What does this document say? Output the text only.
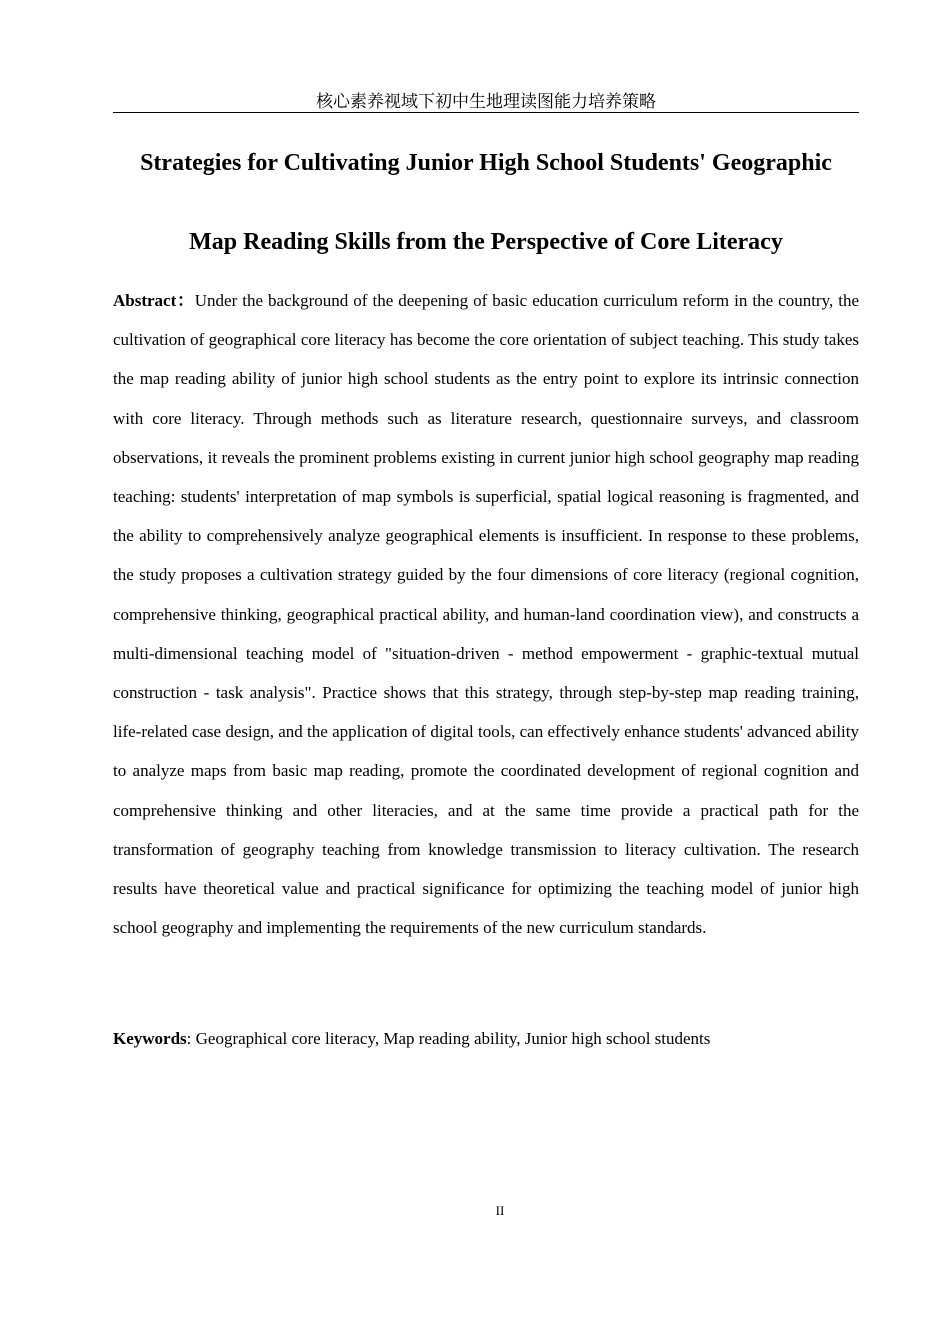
核心素养视域下初中生地理读图能力培养策略
Strategies for Cultivating Junior High School Students' Geographic
Map Reading Skills from the Perspective of Core Literacy

Abstract：Under the background of the deepening of basic education curriculum reform in the country, the cultivation of geographical core literacy has become the core orientation of subject teaching. This study takes the map reading ability of junior high school students as the entry point to explore its intrinsic connection with core literacy. Through methods such as literature research, questionnaire surveys, and classroom observations, it reveals the prominent problems existing in current junior high school geography map reading teaching: students' interpretation of map symbols is superficial, spatial logical reasoning is fragmented, and the ability to comprehensively analyze geographical elements is insufficient. In response to these problems, the study proposes a cultivation strategy guided by the four dimensions of core literacy (regional cognition, comprehensive thinking, geographical practical ability, and human-land coordination view), and constructs a multi-dimensional teaching model of "situation-driven - method empowerment - graphic-textual mutual construction - task analysis". Practice shows that this strategy, through step-by-step map reading training, life-related case design, and the application of digital tools, can effectively enhance students' advanced ability to analyze maps from basic map reading, promote the coordinated development of regional cognition and comprehensive thinking and other literacies, and at the same time provide a practical path for the transformation of geography teaching from knowledge transmission to literacy cultivation. The research results have theoretical value and practical significance for optimizing the teaching model of junior high school geography and implementing the requirements of the new curriculum standards.

Keywords: Geographical core literacy, Map reading ability, Junior high school students

II
